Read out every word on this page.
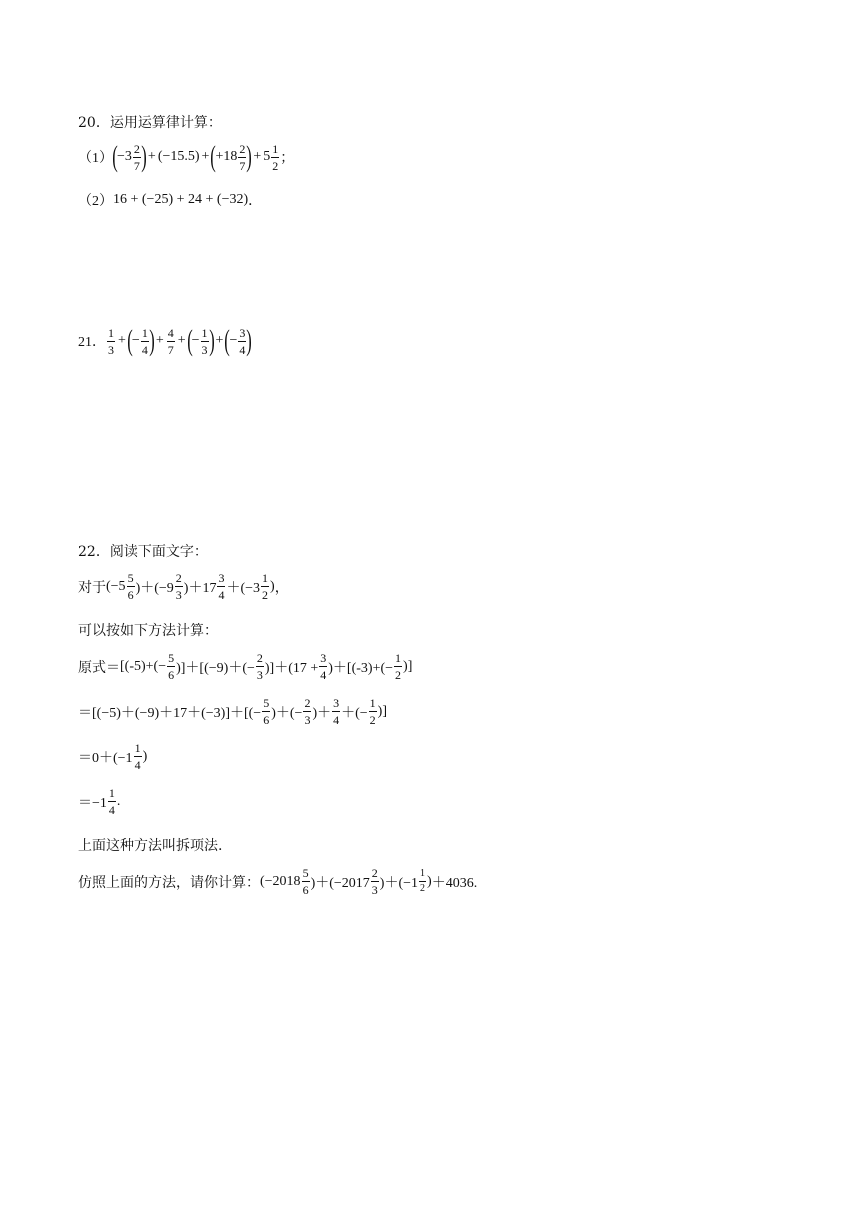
20．运用运算律计算：
（1） ( $-3 \frac{2}{7}$ ) + (−15.5) + ( $+18 \frac{2}{7}$ ) + $5 \frac{1}{2}$ ；
（2） 16 + (−25) + 24 + (−32) ．
21． $\frac{1}{3}$ + ( − $\frac{1}{4}$ ) + $\frac{4}{7}$ + ( − $\frac{1}{3}$ ) + ( − $\frac{3}{4}$ )
22．阅读下面文字：
对于 $(-5 \frac{5}{6} )+(-9 \frac{2}{3} )+17 \frac{3}{4} +(-3 \frac{1}{2}$ ) ，
可以按如下方法计算：
原式＝ $[(-5)+(- \frac{5}{6} )]+[(-9)+(- \frac{2}{3} )]+(17 + \frac{3}{4} )+[(-3)+(- \frac{1}{2}$ )]
$=[(-5)+(-9)+17+(-3)]+[(- \frac{5}{6}$ )＋(− $\frac{2}{3}$ )＋ $\frac{3}{4}$ ＋(− $\frac{1}{2}$ )]
$=0+(-1 \frac{1}{4}$ )
$=-1 \frac{1}{4}$ .
上面这种方法叫拆项法.
仿照上面的方法，请你计算： $(-2018 \frac{5}{6} )+(-2017 \frac{2}{3} )+(-1 \frac{1}{2}$ ) ＋4036.
